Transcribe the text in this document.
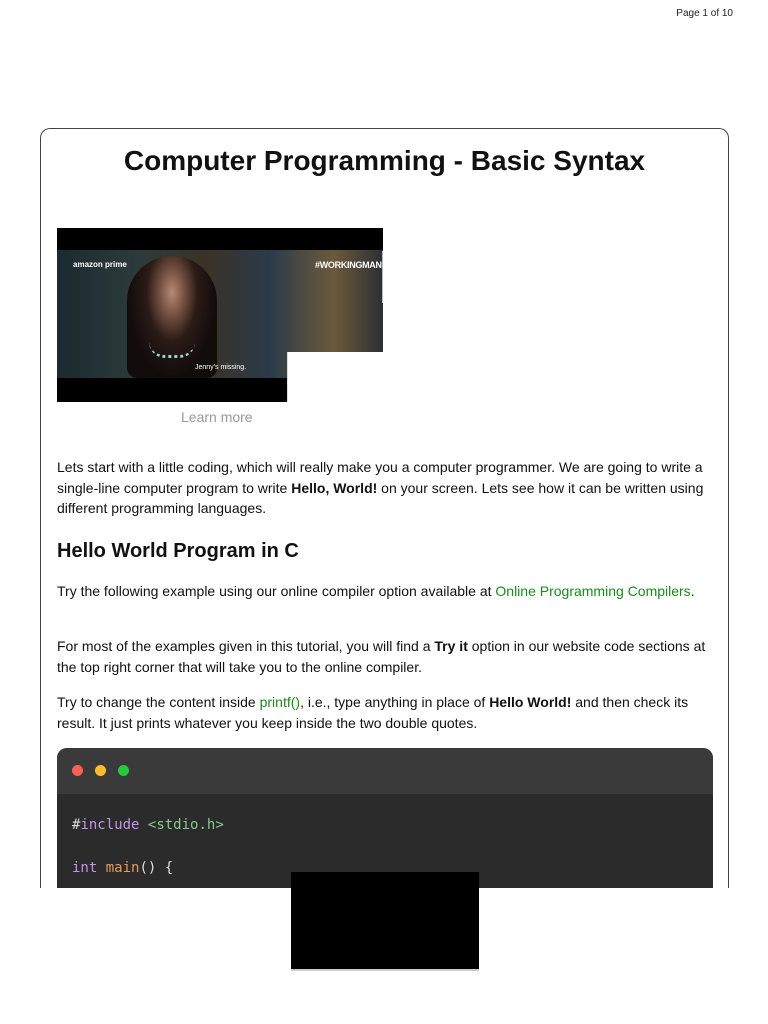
Page 1 of 10
Computer Programming - Basic Syntax
amazon prime	#WORKINGMAN
Jenny's missing.
Learn more

Lets start with a little coding, which will really make you a computer programmer. We are going to write a single-line computer program to write Hello, World! on your screen. Lets see how it can be written using different programming languages.

Hello World Program in C

Try the following example using our online compiler option available at Online Programming Compilers.

For most of the examples given in this tutorial, you will find a Try it option in our website code sections at the top right corner that will take you to the online compiler.

Try to change the content inside printf(), i.e., type anything in place of Hello World! and then check its result. It just prints whatever you keep inside the two double quotes.

#include <stdio.h>
int main() {
